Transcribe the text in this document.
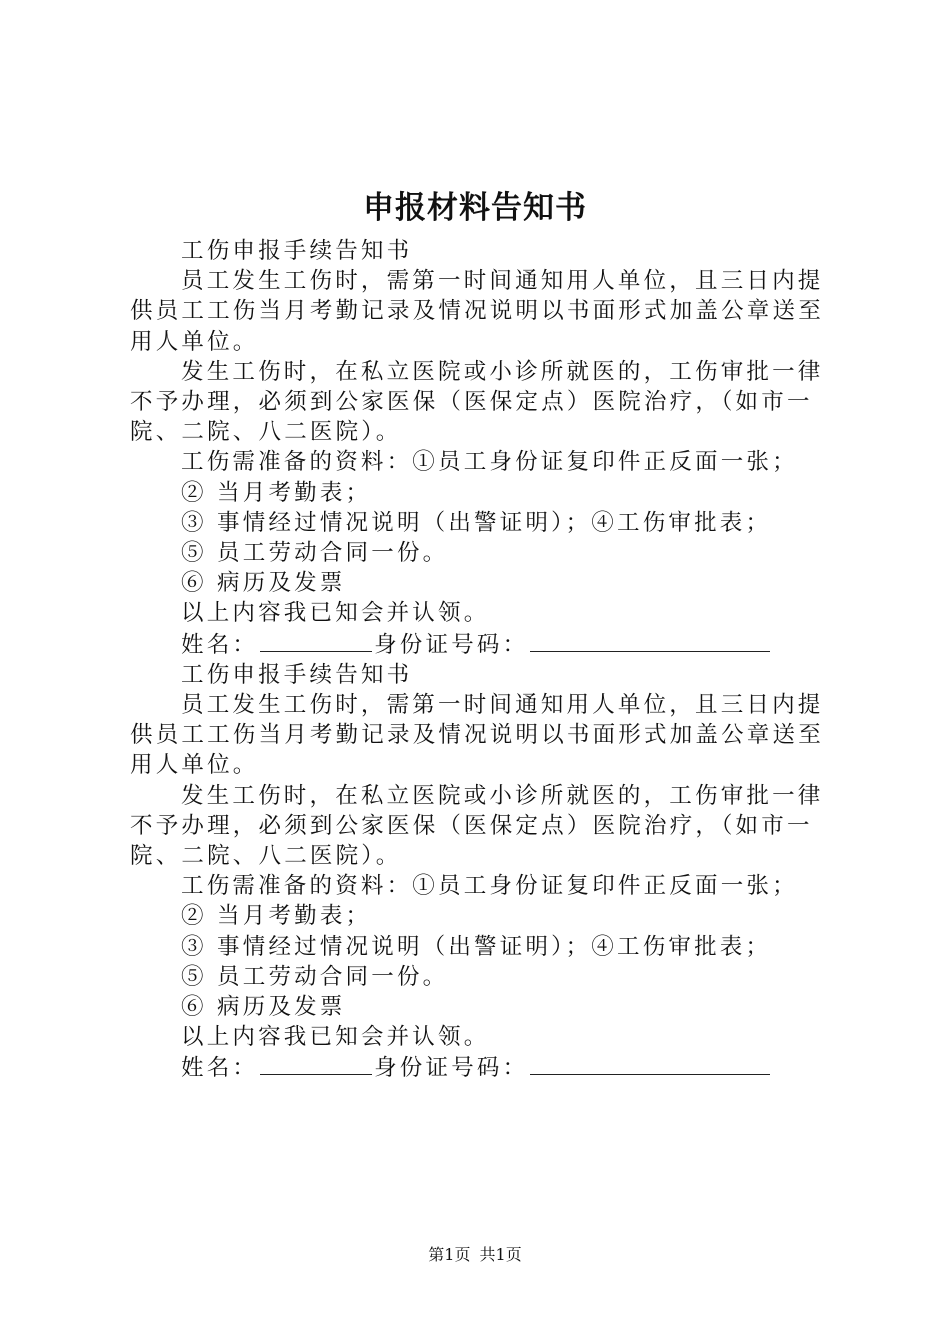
申报材料告知书

工伤申报手续告知书

员工发生工伤时，需第一时间通知用人单位，且三日内提供员工工伤当月考勤记录及情况说明以书面形式加盖公章送至用人单位。

发生工伤时，在私立医院或小诊所就医的，工伤审批一律不予办理，必须到公家医保（医保定点）医院治疗，（如市一院、二院、八二医院）。

工伤需准备的资料：①员工身份证复印件正反面一张；

② 当月考勤表；

③ 事情经过情况说明（出警证明）；④工伤审批表；

⑤ 员工劳动合同一份。

⑥ 病历及发票

以上内容我已知会并认领。

姓名：	身份证号码：

工伤申报手续告知书

员工发生工伤时，需第一时间通知用人单位，且三日内提供员工工伤当月考勤记录及情况说明以书面形式加盖公章送至用人单位。

发生工伤时，在私立医院或小诊所就医的，工伤审批一律不予办理，必须到公家医保（医保定点）医院治疗，（如市一院、二院、八二医院）。

工伤需准备的资料：①员工身份证复印件正反面一张；

② 当月考勤表；

③ 事情经过情况说明（出警证明）；④工伤审批表；

⑤ 员工劳动合同一份。

⑥ 病历及发票

以上内容我已知会并认领。

姓名：	身份证号码：

第1页 共1页
